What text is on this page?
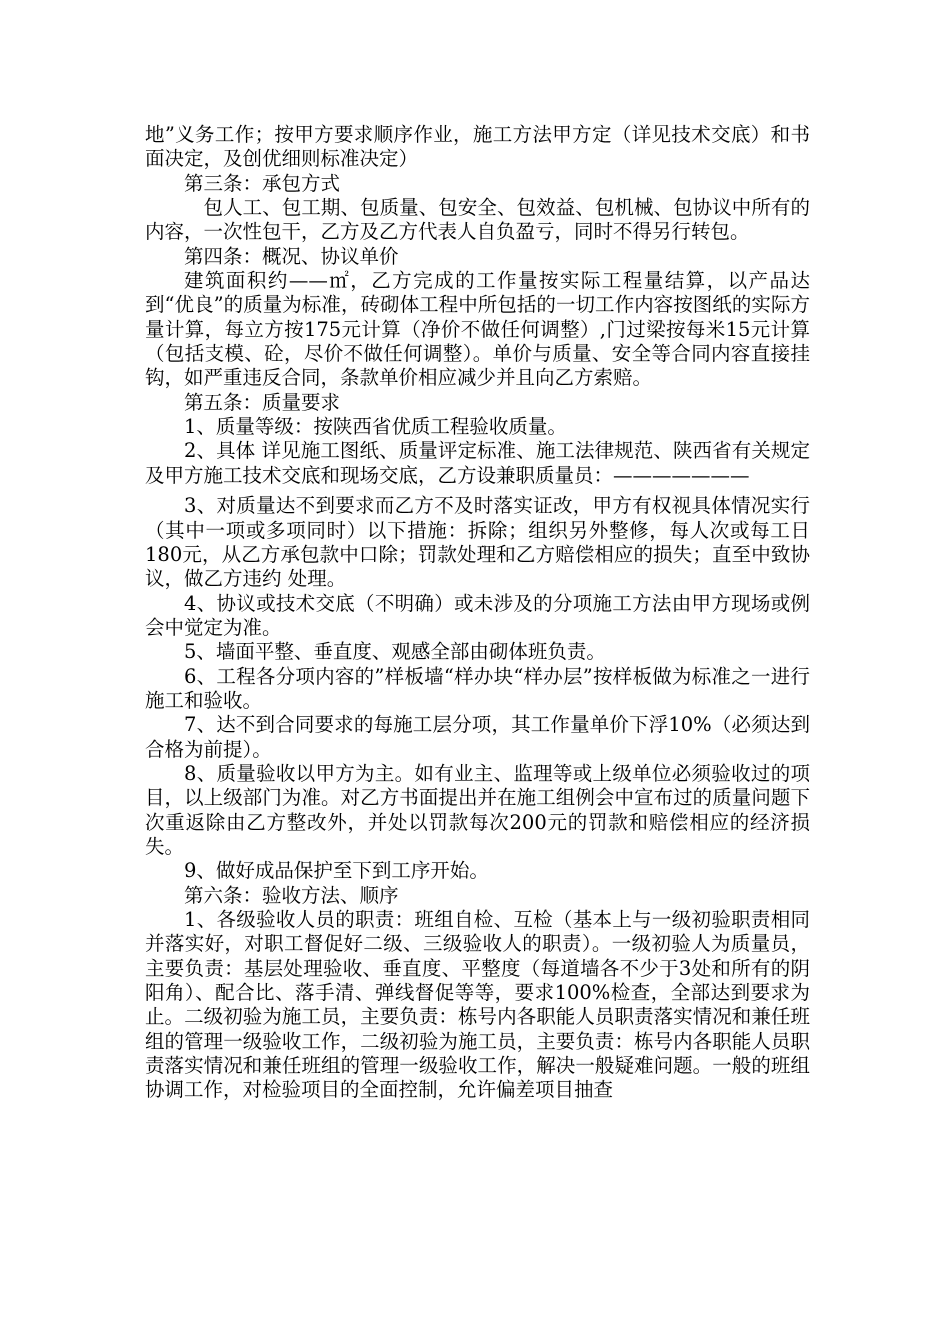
地”义务工作；按甲方要求顺序作业，施工方法甲方定（详见技术交底）和书面决定，及创优细则标准决定）

第三条：承包方式

包人工、包工期、包质量、包安全、包效益、包机械、包协议中所有的内容，一次性包干，乙方及乙方代表人自负盈亏，同时不得另行转包。

第四条：概况、协议单价

建筑面积约——㎡，乙方完成的工作量按实际工程量结算，以产品达到“优良”的质量为标准，砖砌体工程中所包括的一切工作内容按图纸的实际方量计算，每立方按175元计算（净价不做任何调整）,门过梁按每米15元计算（包括支模、砼，尽价不做任何调整）。单价与质量、安全等合同内容直接挂钩，如严重违反合同，条款单价相应减少并且向乙方索赔。

第五条：质量要求

1、质量等级：按陕西省优质工程验收质量。

2、具体 详见施工图纸、质量评定标准、施工法律规范、陕西省有关规定及甲方施工技术交底和现场交底，乙方设兼职质量员：———————

3、对质量达不到要求而乙方不及时落实证改，甲方有权视具体情况实行（其中一项或多项同时）以下措施：拆除；组织另外整修，每人次或每工日180元，从乙方承包款中口除；罚款处理和乙方赔偿相应的损失；直至中致协议，做乙方违约 处理。

4、协议或技术交底（不明确）或未涉及的分项施工方法由甲方现场或例会中觉定为准。

5、墙面平整、垂直度、观感全部由砌体班负责。

6、工程各分项内容的”样板墙“样办块“样办层”按样板做为标准之一进行施工和验收。

7、达不到合同要求的每施工层分项，其工作量单价下浮10%（必须达到合格为前提）。

8、质量验收以甲方为主。如有业主、监理等或上级单位必须验收过的项目，以上级部门为准。对乙方书面提出并在施工组例会中宣布过的质量问题下次重返除由乙方整改外，并处以罚款每次200元的罚款和赔偿相应的经济损失。

9、做好成品保护至下到工序开始。

第六条：验收方法、顺序

1、各级验收人员的职责：班组自检、互检（基本上与一级初验职责相同并落实好，对职工督促好二级、三级验收人的职责）。一级初验人为质量员，主要负责：基层处理验收、垂直度、平整度（每道墙各不少于3处和所有的阴阳角）、配合比、落手清、弹线督促等等，要求100%检查，全部达到要求为止。二级初验为施工员，主要负责：栋号内各职能人员职责落实情况和兼任班组的管理一级验收工作，二级初验为施工员，主要负责：栋号内各职能人员职责落实情况和兼任班组的管理一级验收工作，解决一般疑难问题。一般的班组协调工作，对检验项目的全面控制，允许偏差项目抽查
